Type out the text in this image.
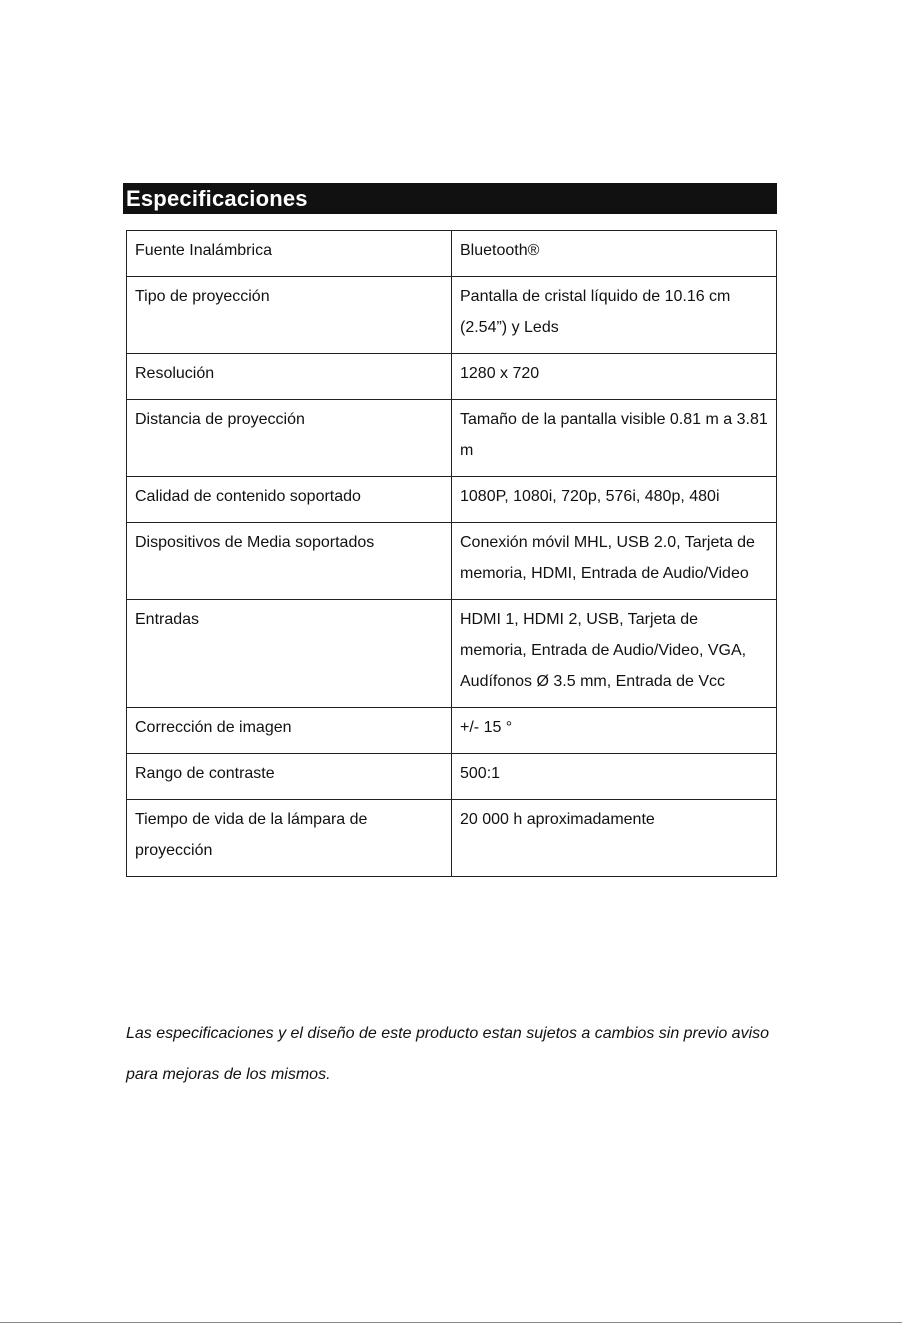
Especificaciones
Fuente Inalámbrica	Bluetooth®

Tipo de proyección	Pantalla de cristal líquido de 10.16 cm (2.54”) y Leds

Resolución	1280 x 720

Distancia de proyección	Tamaño de la pantalla visible 0.81 m a 3.81 m

Calidad de contenido soportado	1080P, 1080i, 720p, 576i, 480p, 480i

Dispositivos de Media soportados	Conexión móvil MHL, USB 2.0, Tarjeta de memoria, HDMI, Entrada de Audio/Video

Entradas	HDMI 1, HDMI 2, USB, Tarjeta de memoria, Entrada de Audio/Video, VGA, Audífonos Ø 3.5 mm, Entrada de Vcc

Corrección de imagen	+/- 15 °

Rango de contraste	500:1

Tiempo de vida de la lámpara de proyección	20 000 h aproximadamente
Las especificaciones y el diseño de este producto estan sujetos a cambios sin previo aviso para mejoras de los mismos.
